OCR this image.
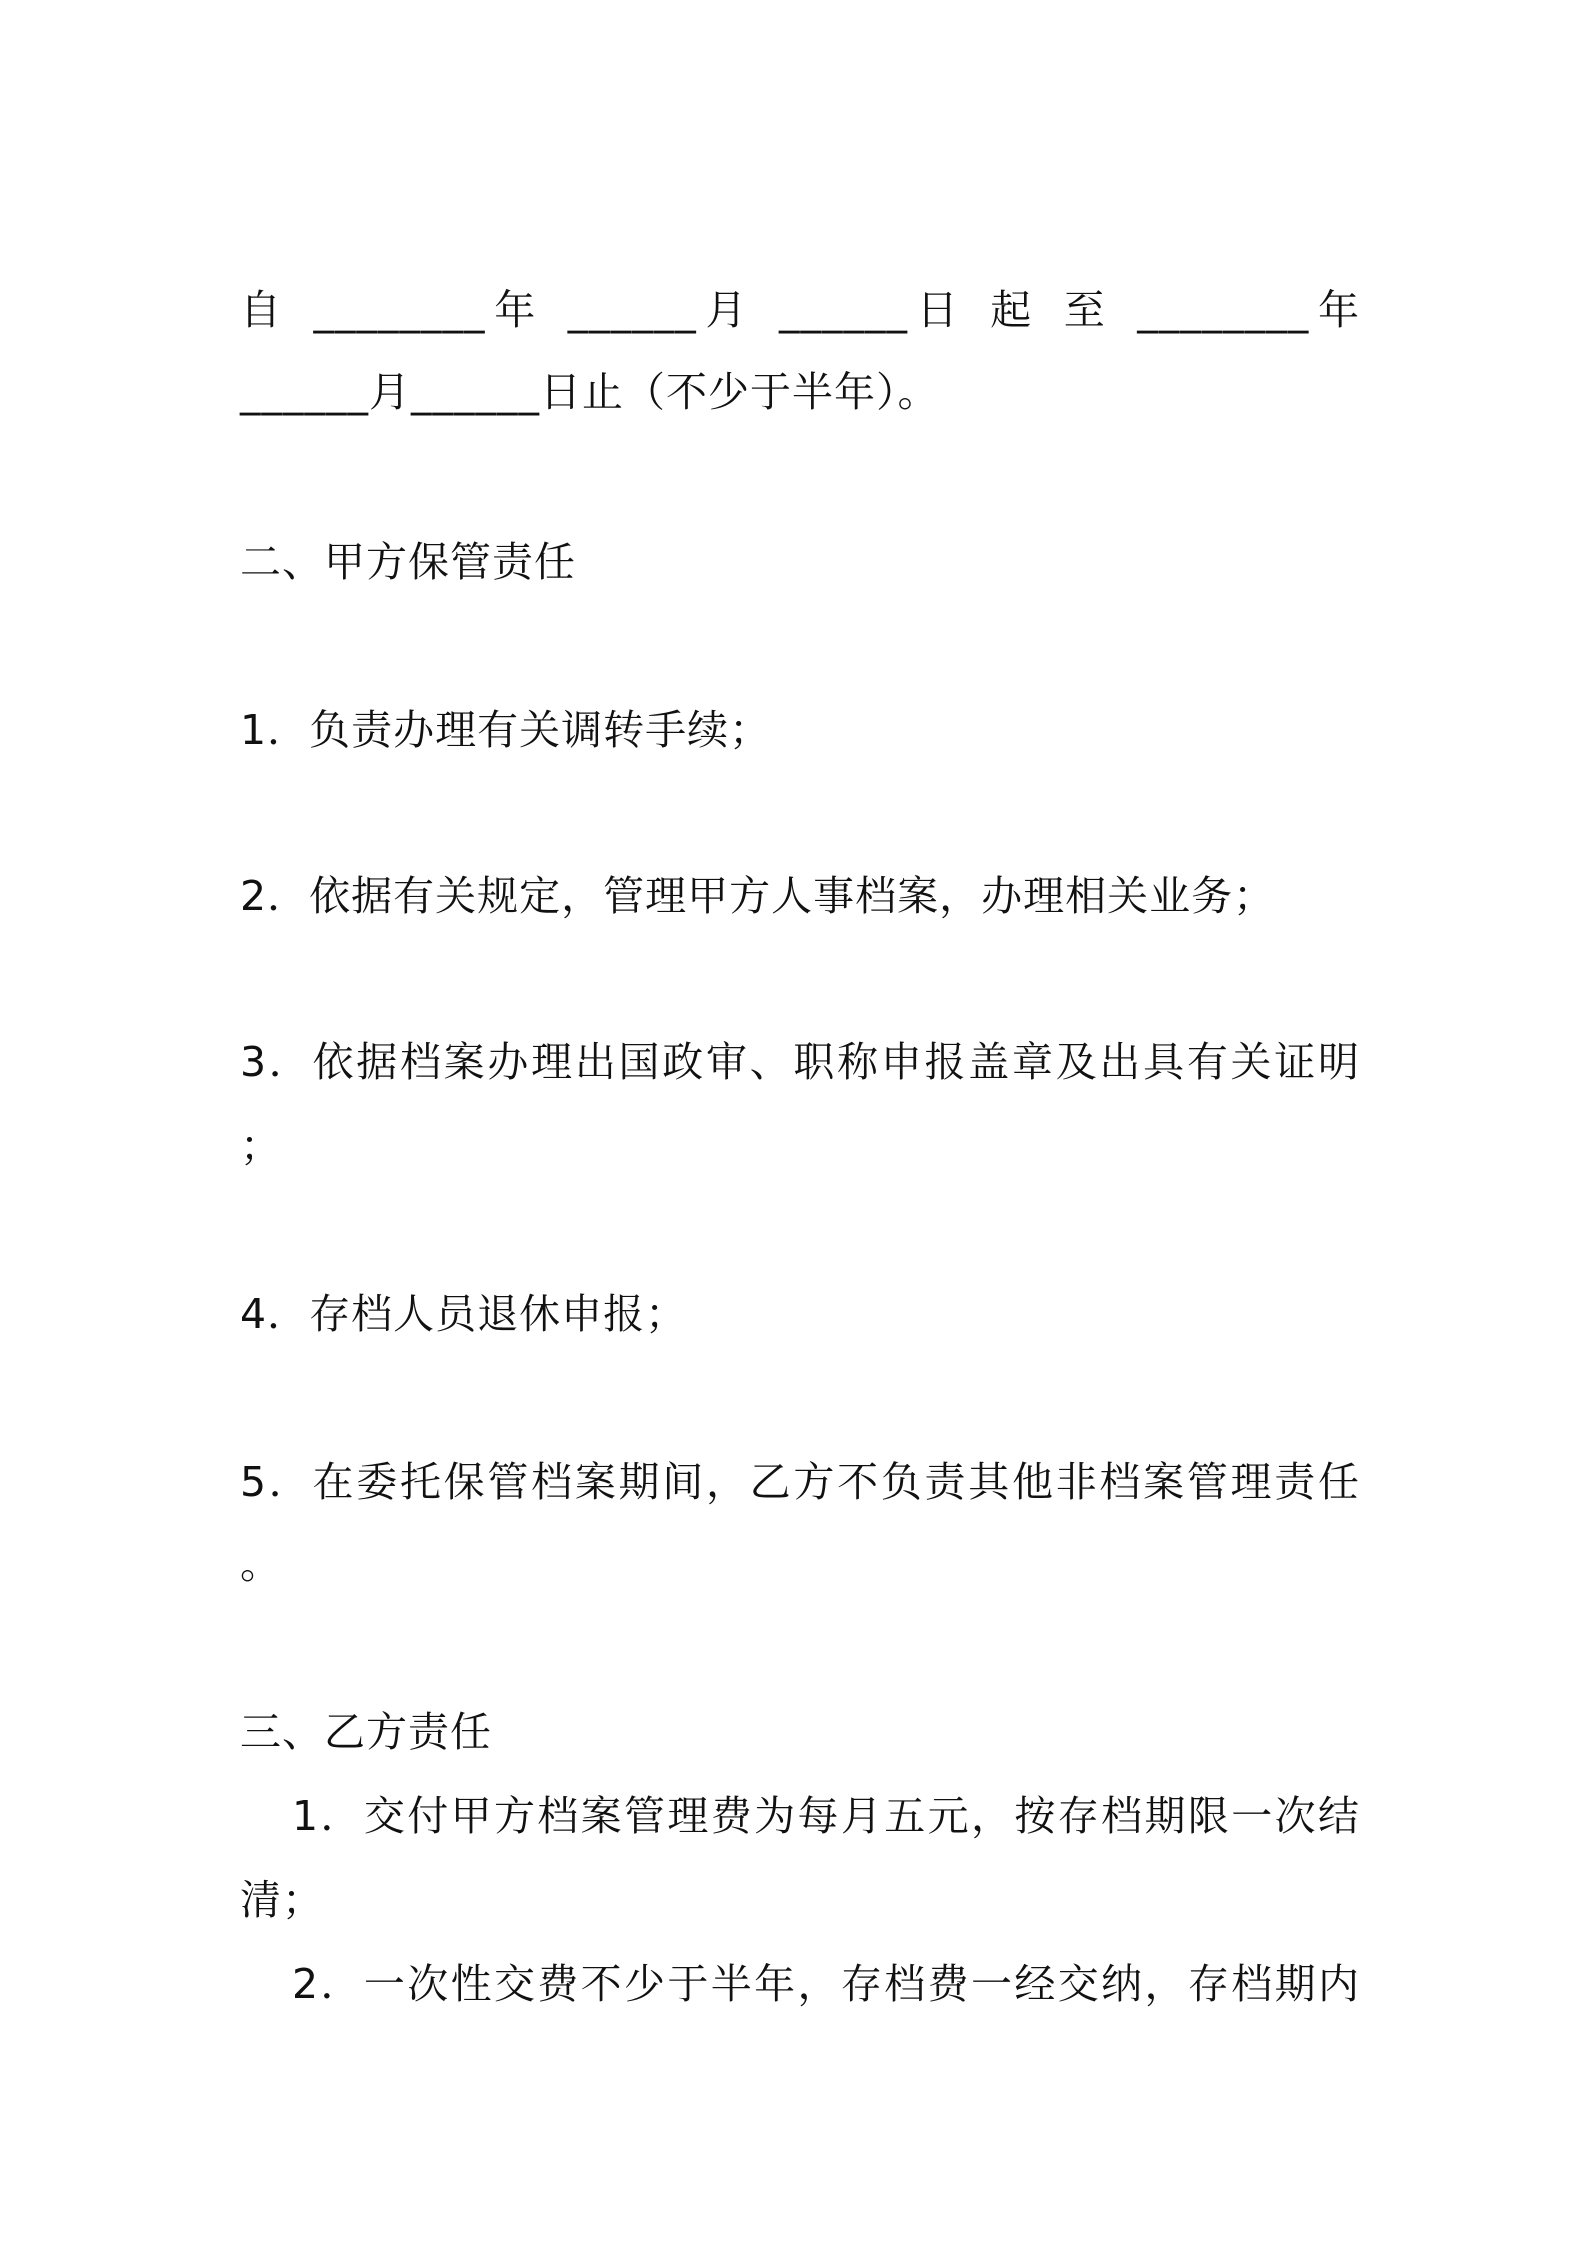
自 ________年 ______月 ______日 起 至 ________年
______月______日止（不少于半年）。
二、甲方保管责任
1．负责办理有关调转手续；
2．依据有关规定，管理甲方人事档案，办理相关业务；
3．依据档案办理出国政审、职称申报盖章及出具有关证明
；
4．存档人员退休申报；
5．在委托保管档案期间，乙方不负责其他非档案管理责任
。
三、乙方责任
1．交付甲方档案管理费为每月五元，按存档期限一次结
清；
2．一次性交费不少于半年，存档费一经交纳，存档期内
